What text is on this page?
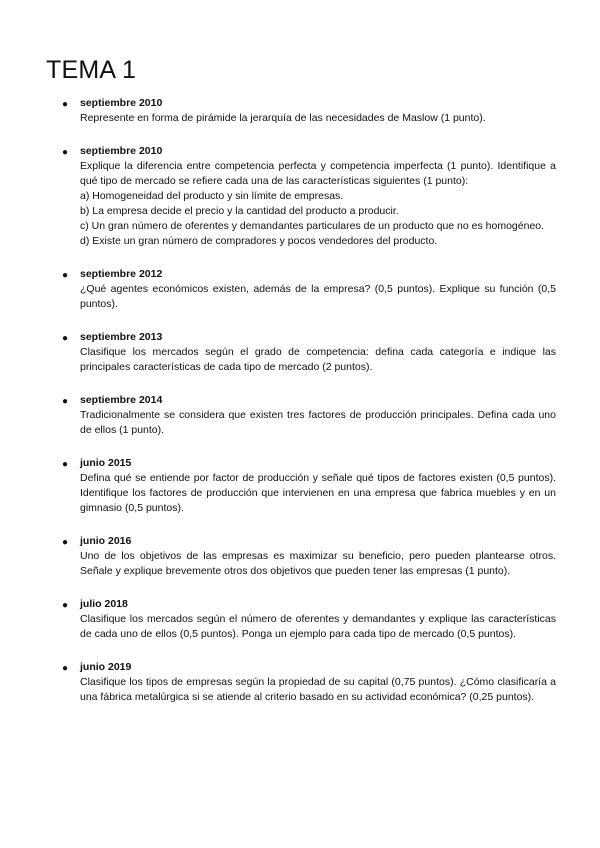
TEMA 1
● septiembre 2010

Represente en forma de pirámide la jerarquía de las necesidades de Maslow (1 punto).

● septiembre 2010

Explique la diferencia entre competencia perfecta y competencia imperfecta (1 punto). Identifique a qué tipo de mercado se refiere cada una de las características siguientes (1 punto):

a) Homogeneidad del producto y sin límite de empresas.

b) La empresa decide el precio y la cantidad del producto a producir.

c) Un gran número de oferentes y demandantes particulares de un producto que no es homogéneo.

d) Existe un gran número de compradores y pocos vendedores del producto.

● septiembre 2012

¿Qué agentes económicos existen, además de la empresa? (0,5 puntos). Explique su función (0,5 puntos).

● septiembre 2013

Clasifique los mercados según el grado de competencia: defina cada categoría e indique las principales características de cada tipo de mercado (2 puntos).

● septiembre 2014

Tradicionalmente se considera que existen tres factores de producción principales. Defina cada uno de ellos (1 punto).

● junio 2015

Defina qué se entiende por factor de producción y señale qué tipos de factores existen (0,5 puntos). Identifique los factores de producción que intervienen en una empresa que fabrica muebles y en un gimnasio (0,5 puntos).

● junio 2016

Uno de los objetivos de las empresas es maximizar su beneficio, pero pueden plantearse otros. Señale y explique brevemente otros dos objetivos que pueden tener las empresas (1 punto).

● julio 2018

Clasifique los mercados según el número de oferentes y demandantes y explique las características de cada uno de ellos (0,5 puntos). Ponga un ejemplo para cada tipo de mercado (0,5 puntos).

● junio 2019

Clasifique los tipos de empresas según la propiedad de su capital (0,75 puntos). ¿Cómo clasificaría a una fábrica metalúrgica si se atiende al criterio basado en su actividad económica? (0,25 puntos).
